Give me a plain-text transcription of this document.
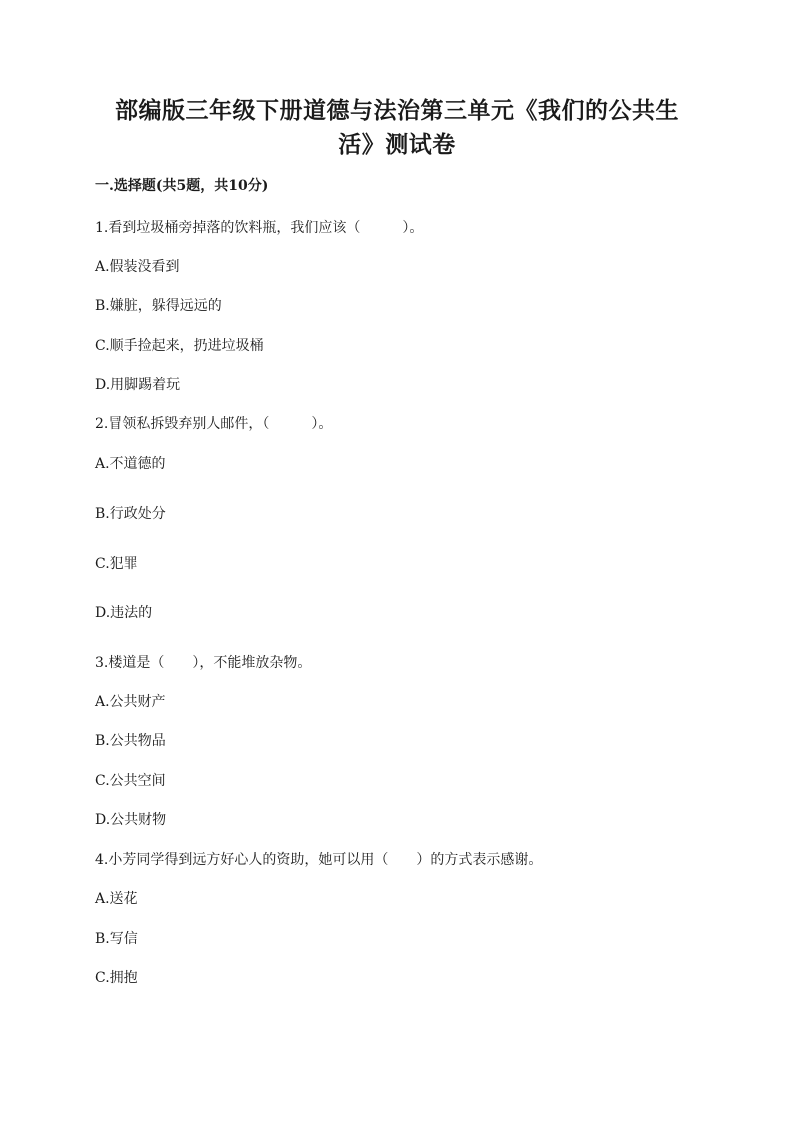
部编版三年级下册道德与法治第三单元《我们的公共生
活》测试卷
一.选择题(共5题，共10分)
1.看到垃圾桶旁掉落的饮料瓶，我们应该（　　　）。
A.假装没看到
B.嫌脏，躲得远远的
C.顺手捡起来，扔进垃圾桶
D.用脚踢着玩
2.冒领私拆毁弃别人邮件，（　　　）。
A.不道德的
B.行政处分
C.犯罪
D.违法的
3.楼道是（　　），不能堆放杂物。
A.公共财产
B.公共物品
C.公共空间
D.公共财物
4.小芳同学得到远方好心人的资助，她可以用（　　）的方式表示感谢。
A.送花
B.写信
C.拥抱
